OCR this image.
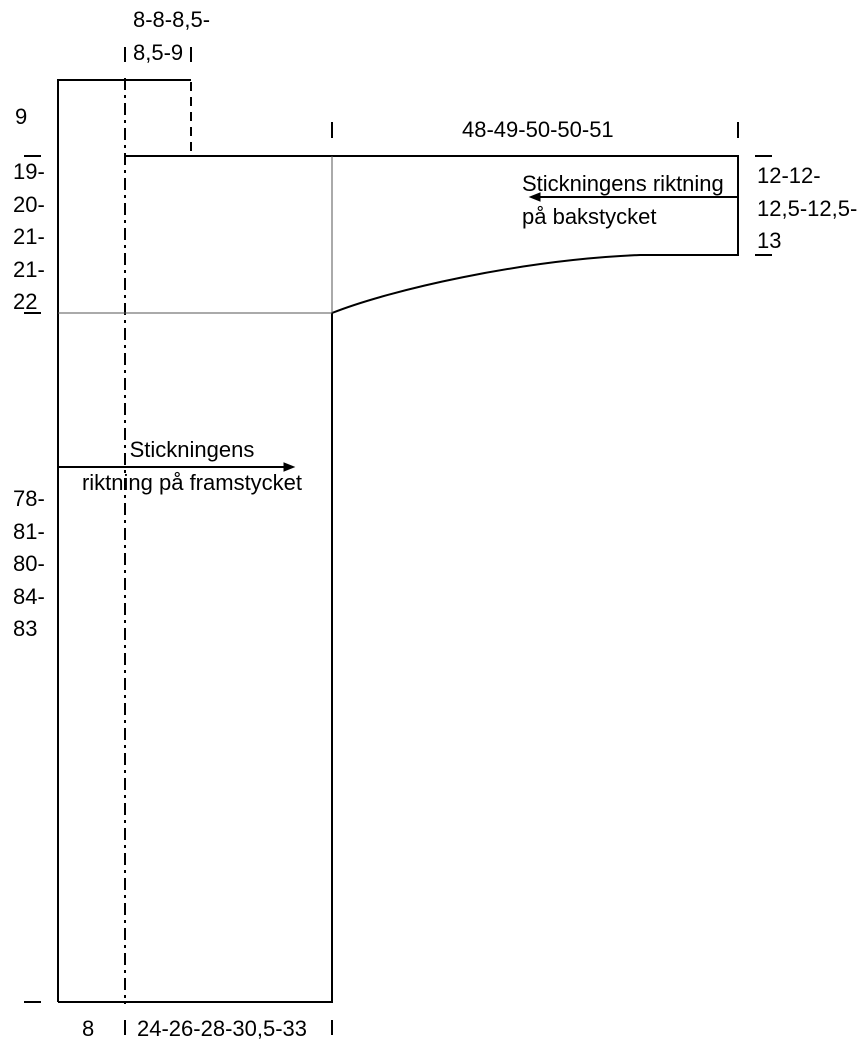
8-8-8,5-
8,5-9
9
48-49-50-50-51
12-12-
12,5-12,5-
13
Stickningens riktning
på bakstycket
19-
20-
21-
21-
22
Stickningens
riktning på framstycket
78-
81-
80-
84-
83
8 24-26-28-30,5-33
